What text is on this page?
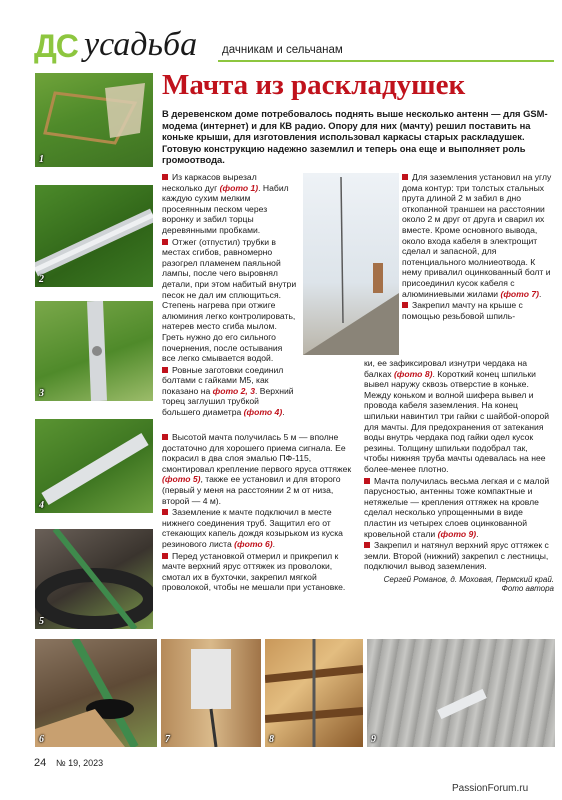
ДС усадьба дачникам и сельчанам
1
2
3
4
5
Мачта из раскладушек
В деревенском доме потребовалось поднять выше несколько антенн — для GSM-модема (интернет) и для КВ радио. Опору для них (мачту) решил поставить на коньке крыши, для изготовления использовал каркасы старых раскладушек. Готовую конструкцию надежно заземлил и теперь она еще и выполняет роль громоотвода.

Из каркасов вырезал несколько дуг (фото 1). Набил каждую сухим мелким просеянным песком через воронку и забил торцы деревянными пробками.

Отжег (отпустил) трубки в местах сгибов, равномерно разогрел пламенем паяльной лампы, после чего выровнял детали, при этом набитый внутри песок не дал им сплющиться. Степень нагрева при отжиге алюминия легко контролировать, натерев место сгиба мылом. Греть нужно до его сильного почернения, после остывания все легко смывается водой.

Ровные заготовки соединил болтами с гайками М5, как показано на фото 2, 3. Верхний торец заглушил трубкой большего диаметра (фото 4).

Высотой мачта получилась 5 м — вполне достаточно для хорошего приема сигнала. Ее покрасил в два слоя эмалью ПФ-115, смонтировал крепление первого яруса оттяжек (фото 5), также ее установил и для второго (первый у меня на расстоянии 2 м от низа, второй — 4 м).

Заземление к мачте подключил в месте нижнего соединения труб. Защитил его от стекающих капель дождя козырьком из куска резинового листа (фото 6).

Перед установкой отмерил и прикрепил к мачте верхний ярус оттяжек из проволоки, смотал их в бухточки, закрепил мягкой проволокой, чтобы не мешали при установке.

Для заземления установил на углу дома контур: три толстых стальных прута длиной 2 м забил в дно откопанной траншеи на расстоянии около 2 м друг от друга и сварил их вместе. Кроме основного вывода, около входа кабеля в электрощит сделал и запасной, для потенциального молниеотвода. К нему привалил оцинкованный болт и присоединил кусок кабеля с алюминиевыми жилами (фото 7).

Закрепил мачту на крыше с помощью резьбовой шпиль-

ки, ее зафиксировал изнутри чердака на балках (фото 8). Короткий конец шпильки вывел наружу сквозь отверстие в коньке. Между коньком и волной шифера вывел и провода кабеля заземления. На конец шпильки навинтил три гайки с шайбой-опорой для мачты. Для предохранения от затекания воды внутрь чердака под гайки одел кусок резины. Толщину шпильки подобрал так, чтобы нижняя труба мачты одевалась на нее более-менее плотно.

Мачта получилась весьма легкая и с малой парусностью, антенны тоже компактные и нетяжелые — крепления оттяжек на кровле сделал несколько упрощенными в виде пластин из четырех слоев оцинкованной кровельной стали (фото 9).

Закрепил и натянул верхний ярус оттяжек с земли. Второй (нижний) закрепил с лестницы, подключил вывод заземления.

Сергей Романов, д. Моховая, Пермский край.
Фото автора
6	7	8	9
24 № 19, 2023
PassionForum.ru
